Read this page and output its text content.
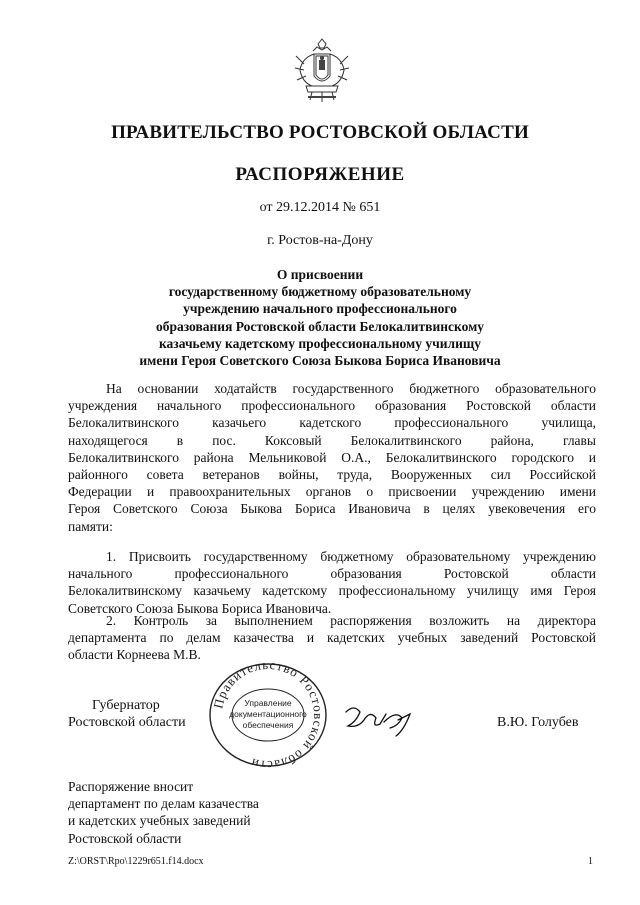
ПРАВИТЕЛЬСТВО РОСТОВСКОЙ ОБЛАСТИ
РАСПОРЯЖЕНИЕ
от 29.12.2014 № 651
г. Ростов-на-Дону
О присвоении
государственному бюджетному образовательному
учреждению начального профессионального
образования Ростовской области Белокалитвинскому
казачьему кадетскому профессиональному училищу
имени Героя Советского Союза Быкова Бориса Ивановича
На основании ходатайств государственного бюджетного образовательного
учреждения начального профессионального образования Ростовской области
Белокалитвинского казачьего кадетского профессионального училища,
находящегося в пос. Коксовый Белокалитвинского района, главы
Белокалитвинского района Мельниковой О.А., Белокалитвинского городского и
районного совета ветеранов войны, труда, Вооруженных сил Российской
Федерации и правоохранительных органов о присвоении учреждению имени
Героя Советского Союза Быкова Бориса Ивановича в целях увековечения его
памяти:
1. Присвоить государственному бюджетному образовательному учреждению
начального профессионального образования Ростовской области
Белокалитвинскому казачьему кадетскому профессиональному училищу имя Героя
Советского Союза Быкова Бориса Ивановича.
2. Контроль за выполнением распоряжения возложить на директора
департамента по делам казачества и кадетских учебных заведений Ростовской
области Корнеева М.В.
Губернатор
Ростовской области
Правительство Ростовской области
Управление
документационного
обеспечения	В.Ю. Голубев
Распоряжение вносит
департамент по делам казачества
и кадетских учебных заведений
Ростовской области
Z:\ORST\Rpo\1229r651.f14.docx	1
